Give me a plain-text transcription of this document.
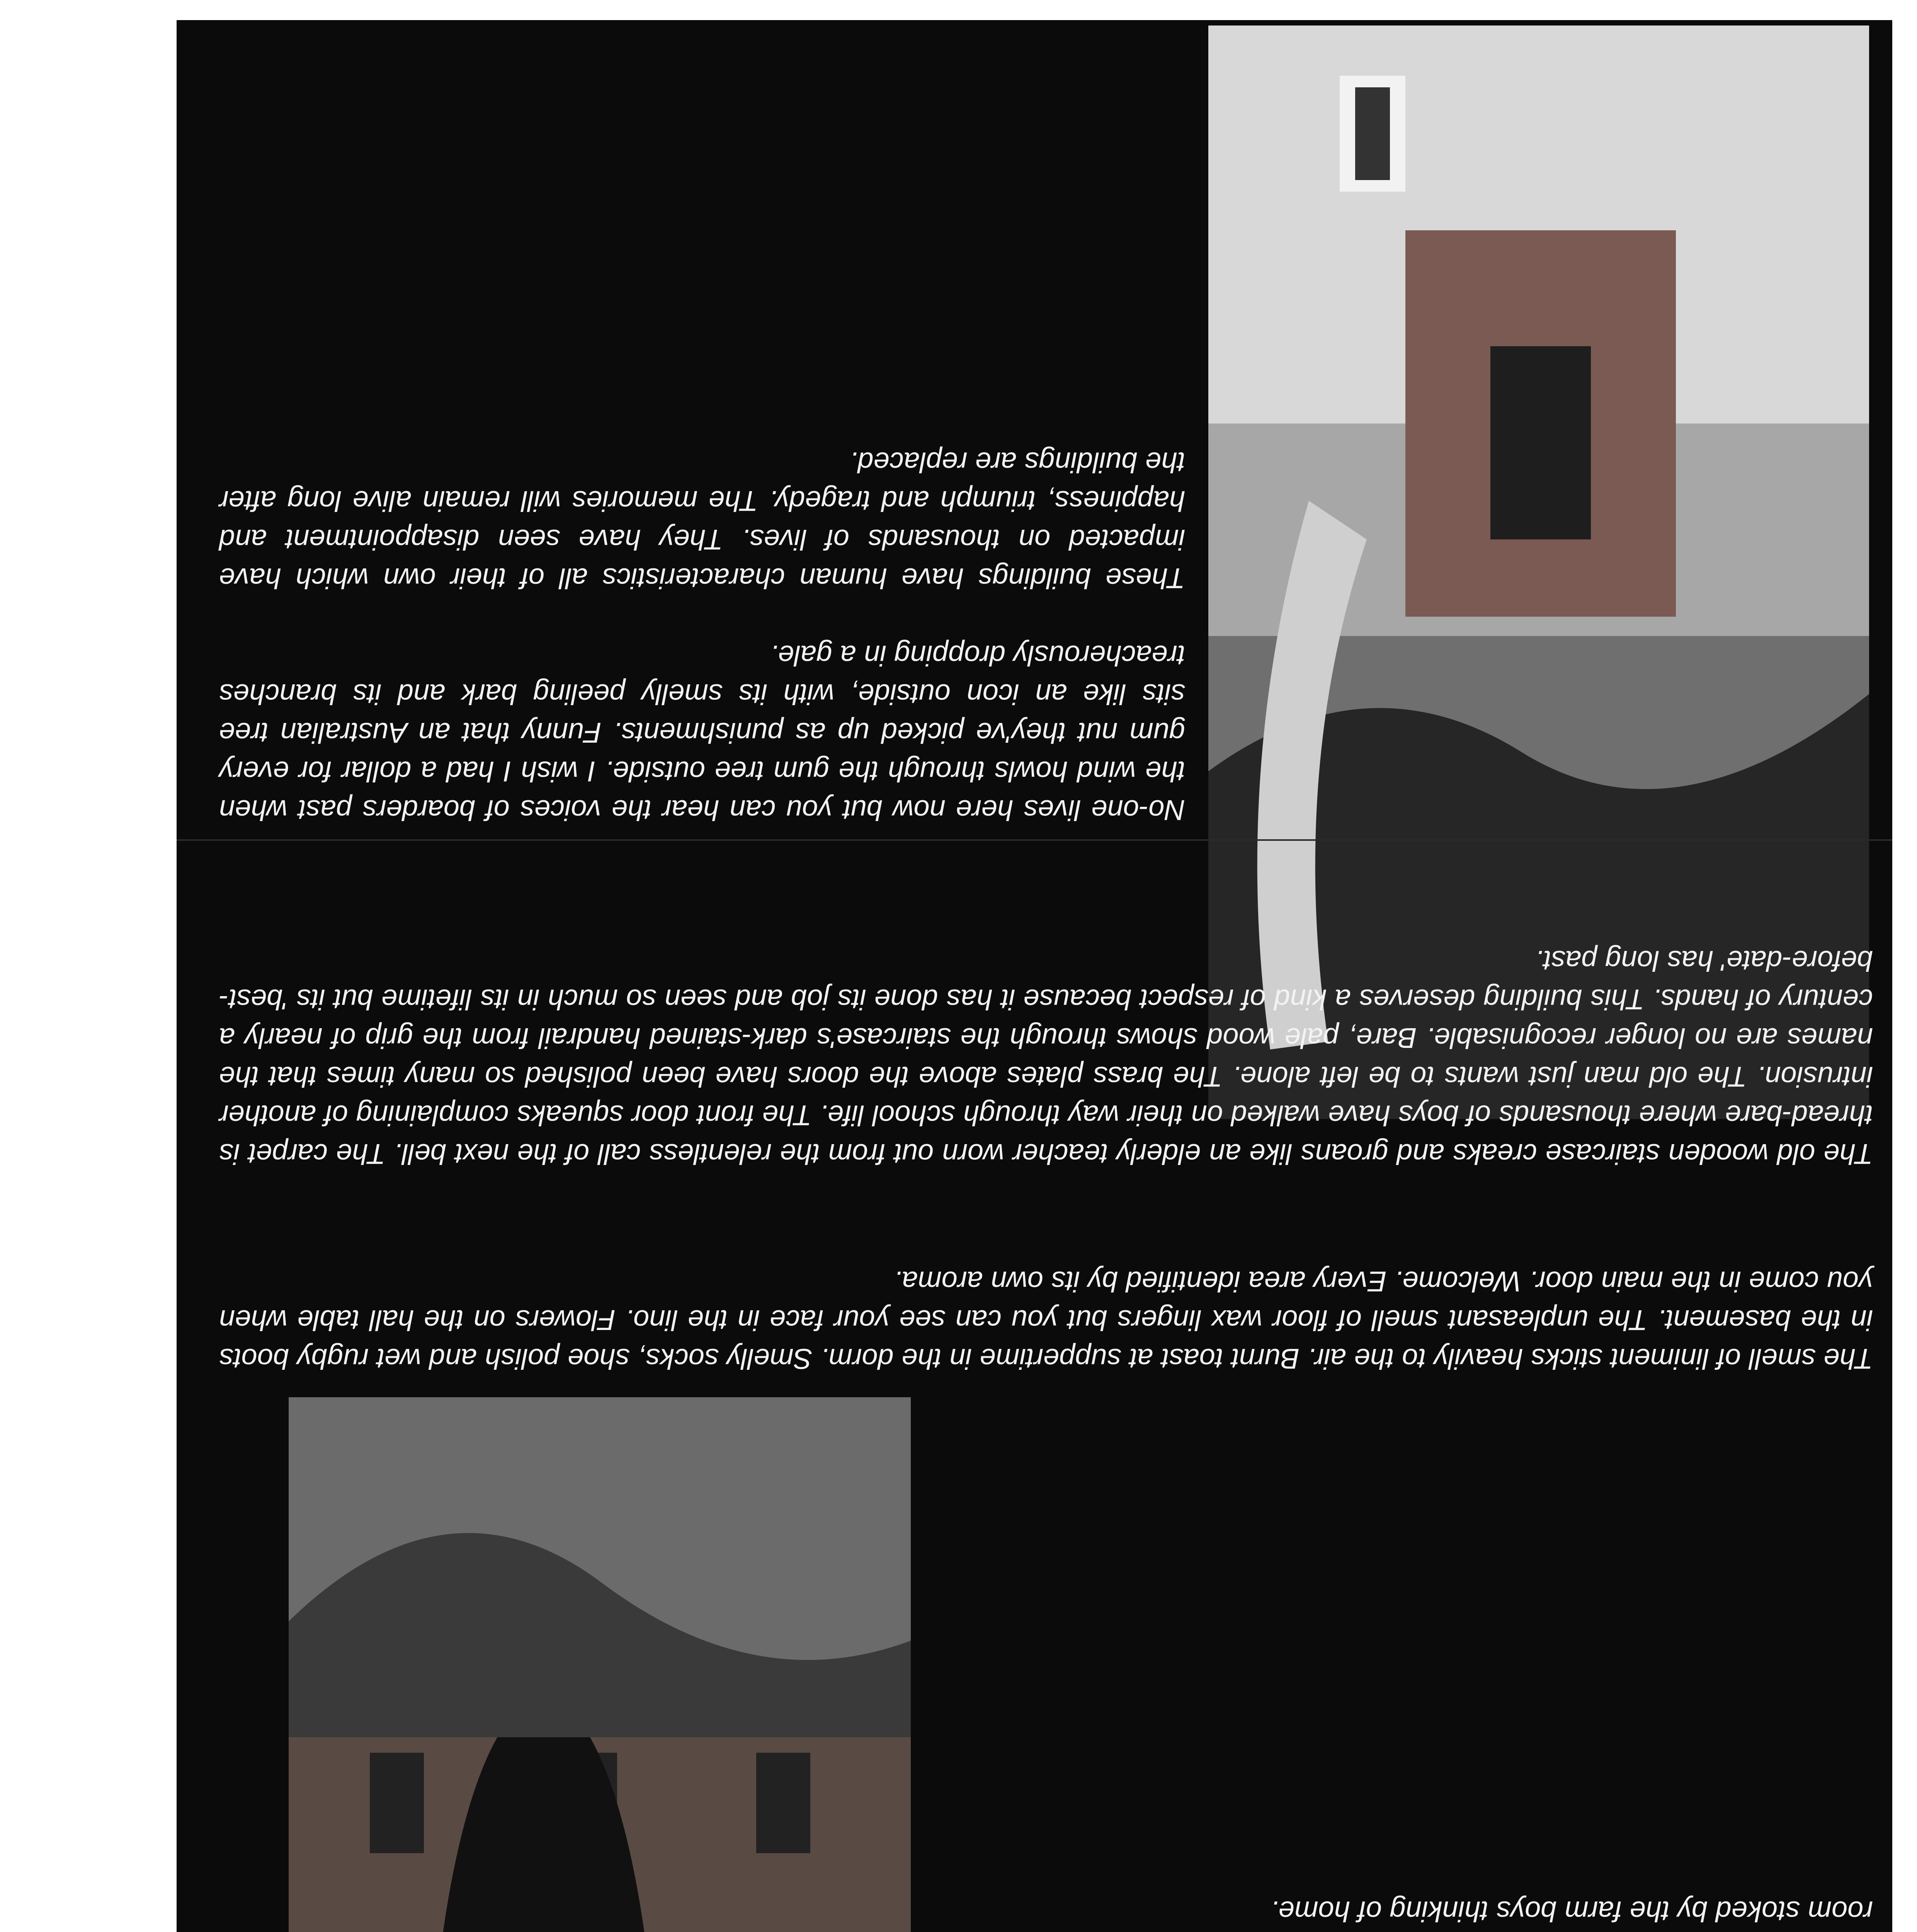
room stoked by the farm boys thinking of home.

The smell of liniment sticks heavily to the air. Burnt toast at suppertime in the dorm. Smelly socks, shoe polish and wet rugby boots in the basement. The unpleasant smell of floor wax lingers but you can see your face in the lino. Flowers on the hall table when you come in the main door. Welcome. Every area identified by its own aroma.

The old wooden staircase creaks and groans like an elderly teacher worn out from the relentless call of the next bell. The carpet is thread-bare where thousands of boys have walked on their way through school life. The front door squeaks complaining of another intrusion. The old man just wants to be left alone. The brass plates above the doors have been polished so many times that the names are no longer recognisable. Bare, pale wood shows through the staircase's dark-stained handrail from the grip of nearly a century of hands. This building deserves a kind of respect because it has done its job and seen so much in its lifetime but its 'best-before-date' has long past.

No-one lives here now but you can hear the voices of boarders past when the wind howls through the gum tree outside. I wish I had a dollar for every gum nut they've picked up as punishments. Funny that an Australian tree sits like an icon outside, with its smelly peeling bark and its branches treacherously dropping in a gale.

These buildings have human characteristics all of their own which have impacted on thousands of lives. They have seen disappointment and happiness, triumph and tragedy. The memories will remain alive long after the buildings are replaced.
